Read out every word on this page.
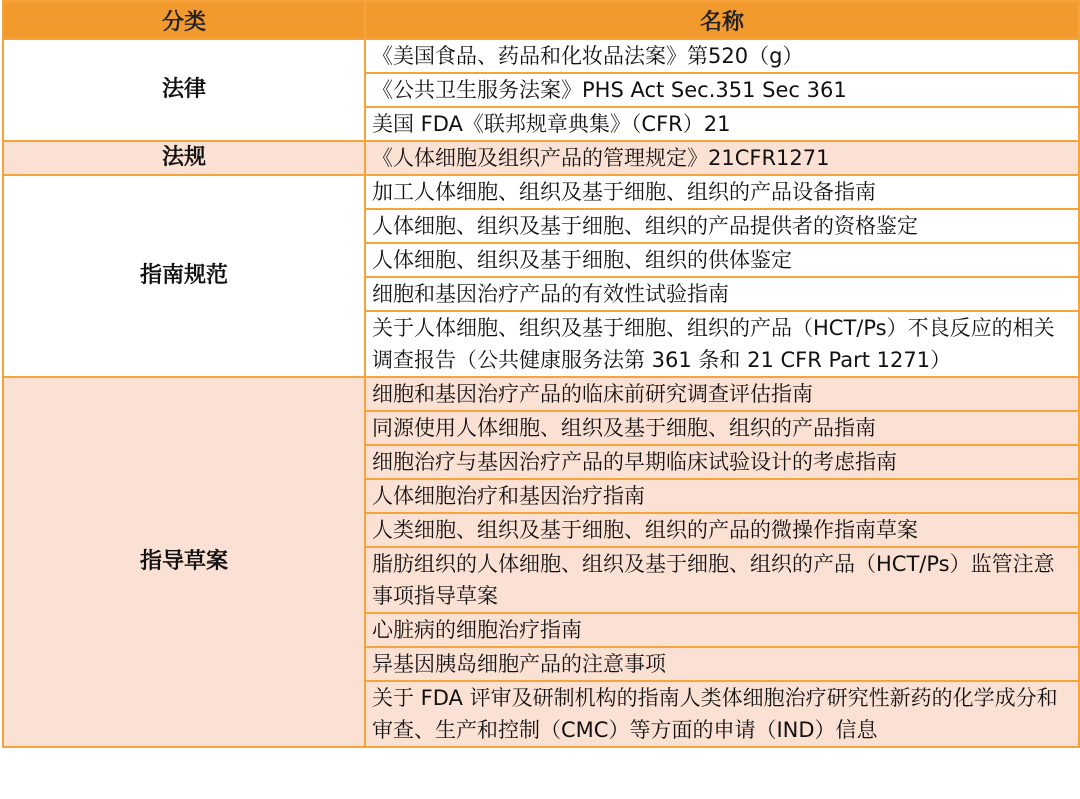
分类	名称
法律	《美国食品、药品和化妆品法案》第520（g）
	《公共卫生服务法案》PHS Act Sec.351 Sec 361
	美国 FDA《联邦规章典集》（CFR）21
法规	《人体细胞及组织产品的管理规定》21CFR1271
指南规范	加工人体细胞、组织及基于细胞、组织的产品设备指南
	人体细胞、组织及基于细胞、组织的产品提供者的资格鉴定
	人体细胞、组织及基于细胞、组织的供体鉴定
	细胞和基因治疗产品的有效性试验指南
	关于人体细胞、组织及基于细胞、组织的产品（HCT/Ps）不良反应的相关调查报告（公共健康服务法第 361 条和 21 CFR Part 1271）
指导草案	细胞和基因治疗产品的临床前研究调查评估指南
	同源使用人体细胞、组织及基于细胞、组织的产品指南
	细胞治疗与基因治疗产品的早期临床试验设计的考虑指南
	人体细胞治疗和基因治疗指南
	人类细胞、组织及基于细胞、组织的产品的微操作指南草案
	脂肪组织的人体细胞、组织及基于细胞、组织的产品（HCT/Ps）监管注意事项指导草案
	心脏病的细胞治疗指南
	异基因胰岛细胞产品的注意事项
	关于 FDA 评审及研制机构的指南人类体细胞治疗研究性新药的化学成分和审查、生产和控制（CMC）等方面的申请（IND）信息
